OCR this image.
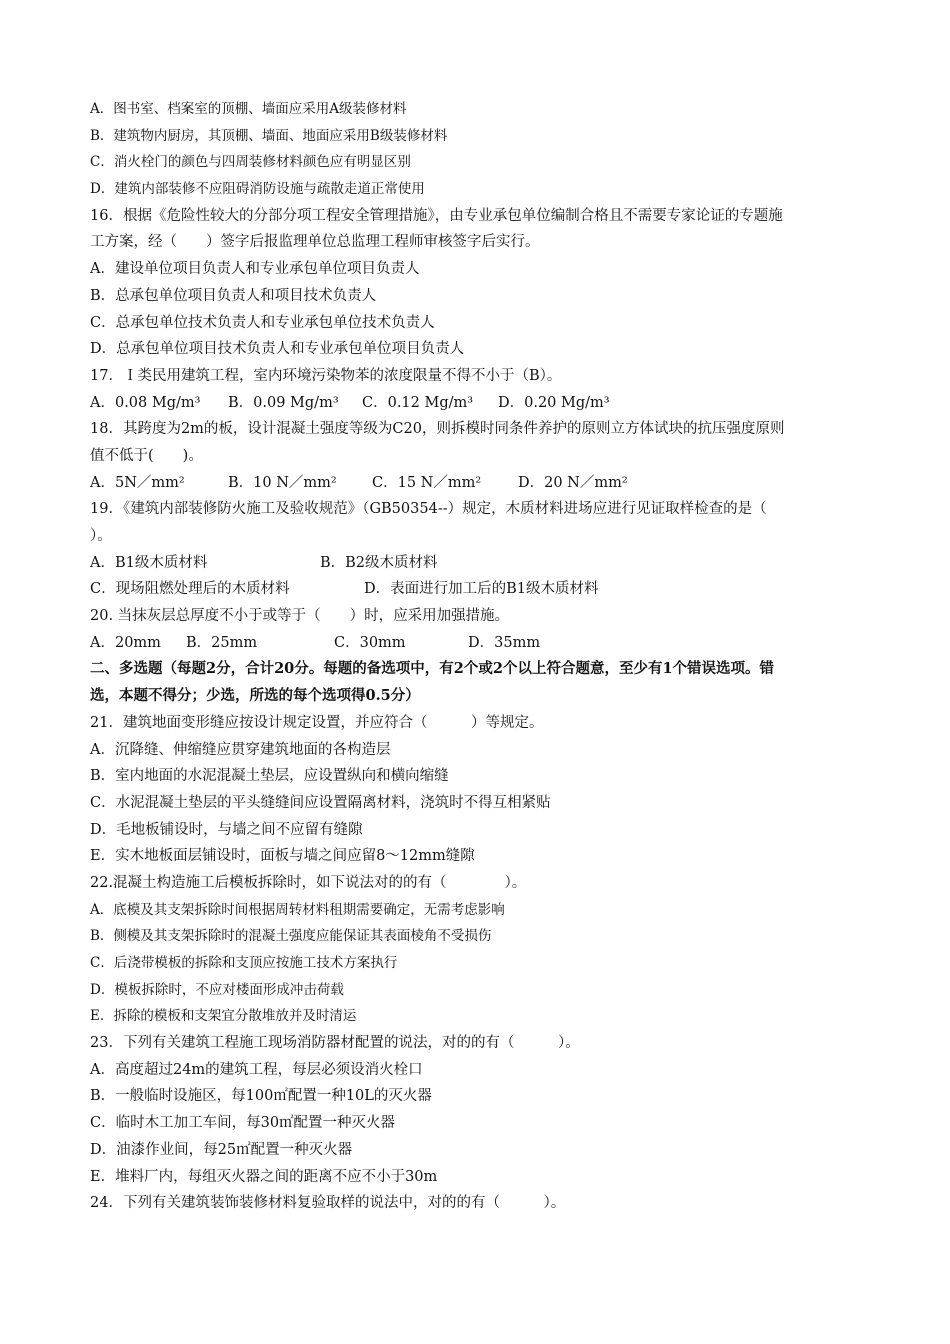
A．图书室、档案室的顶棚、墙面应采用A级装修材料
B．建筑物内厨房，其顶棚、墙面、地面应采用B级装修材料
C．消火栓门的颜色与四周装修材料颜色应有明显区别
D．建筑内部装修不应阻碍消防设施与疏散走道正常使用
16．根据《危险性较大的分部分项工程安全管理措施》，由专业承包单位编制合格且不需要专家论证的专题施
工方案，经（　　）签字后报监理单位总监理工程师审核签字后实行。
A．建设单位项目负责人和专业承包单位项目负责人
B．总承包单位项目负责人和项目技术负责人
C．总承包单位技术负责人和专业承包单位技术负责人
D．总承包单位项目技术负责人和专业承包单位项目负责人
17．Ｉ类民用建筑工程，室内环境污染物苯的浓度限量不得不小于（B）。
A．0.08 Mg/m³ B．0.09 Mg/m³ C．0.12 Mg/m³ D．0.20 Mg/m³
18．其跨度为2m的板，设计混凝土强度等级为C20，则拆模时同条件养护的原则立方体试块的抗压强度原则
值不低于(　　)。
A．5N／mm²	B．10 N／mm² C．15 N／mm²	D．20 N／mm²
19．《建筑内部装修防火施工及验收规范》（GB50354--）规定，木质材料进场应进行见证取样检查的是（
）。
A．B1级木质材料	B．B2级木质材料
C．现场阻燃处理后的木质材料	D．表面进行加工后的B1级木质材料
20. 当抹灰层总厚度不小于或等于（　　）时，应采用加强措施。
A．20mm B．25mm	C．30mm	D．35mm
二、多选题（每题2分，合计20分。每题的备选项中，有2个或2个以上符合题意，至少有1个错误选项。错
选，本题不得分；少选，所选的每个选项得0.5分）
21．建筑地面变形缝应按设计规定设置，并应符合（　　　）等规定。
A．沉降缝、伸缩缝应贯穿建筑地面的各构造层
B．室内地面的水泥混凝土垫层，应设置纵向和横向缩缝
C．水泥混凝土垫层的平头缝缝间应设置隔离材料，浇筑时不得互相紧贴
D．毛地板铺设时，与墙之间不应留有缝隙
E．实木地板面层铺设时，面板与墙之间应留8～12mm缝隙
22.混凝土构造施工后模板拆除时，如下说法对的的有（　　　　）。
A．底模及其支架拆除时间根据周转材料租期需要确定，无需考虑影响
B．侧模及其支架拆除时的混凝土强度应能保证其表面棱角不受损伤
C．后浇带模板的拆除和支顶应按施工技术方案执行
D．模板拆除时，不应对楼面形成冲击荷载
E．拆除的模板和支架宜分散堆放并及时清运
23．下列有关建筑工程施工现场消防器材配置的说法，对的的有（　　　）。
A．高度超过24m的建筑工程，每层必须设消火栓口
B．一般临时设施区，每100㎡配置一种10L的灭火器
C．临时木工加工车间，每30㎡配置一种灭火器
D．油漆作业间，每25㎡配置一种灭火器
E．堆料厂内，每组灭火器之间的距离不应不小于30m
24．下列有关建筑装饰装修材料复验取样的说法中，对的的有（　　　）。
